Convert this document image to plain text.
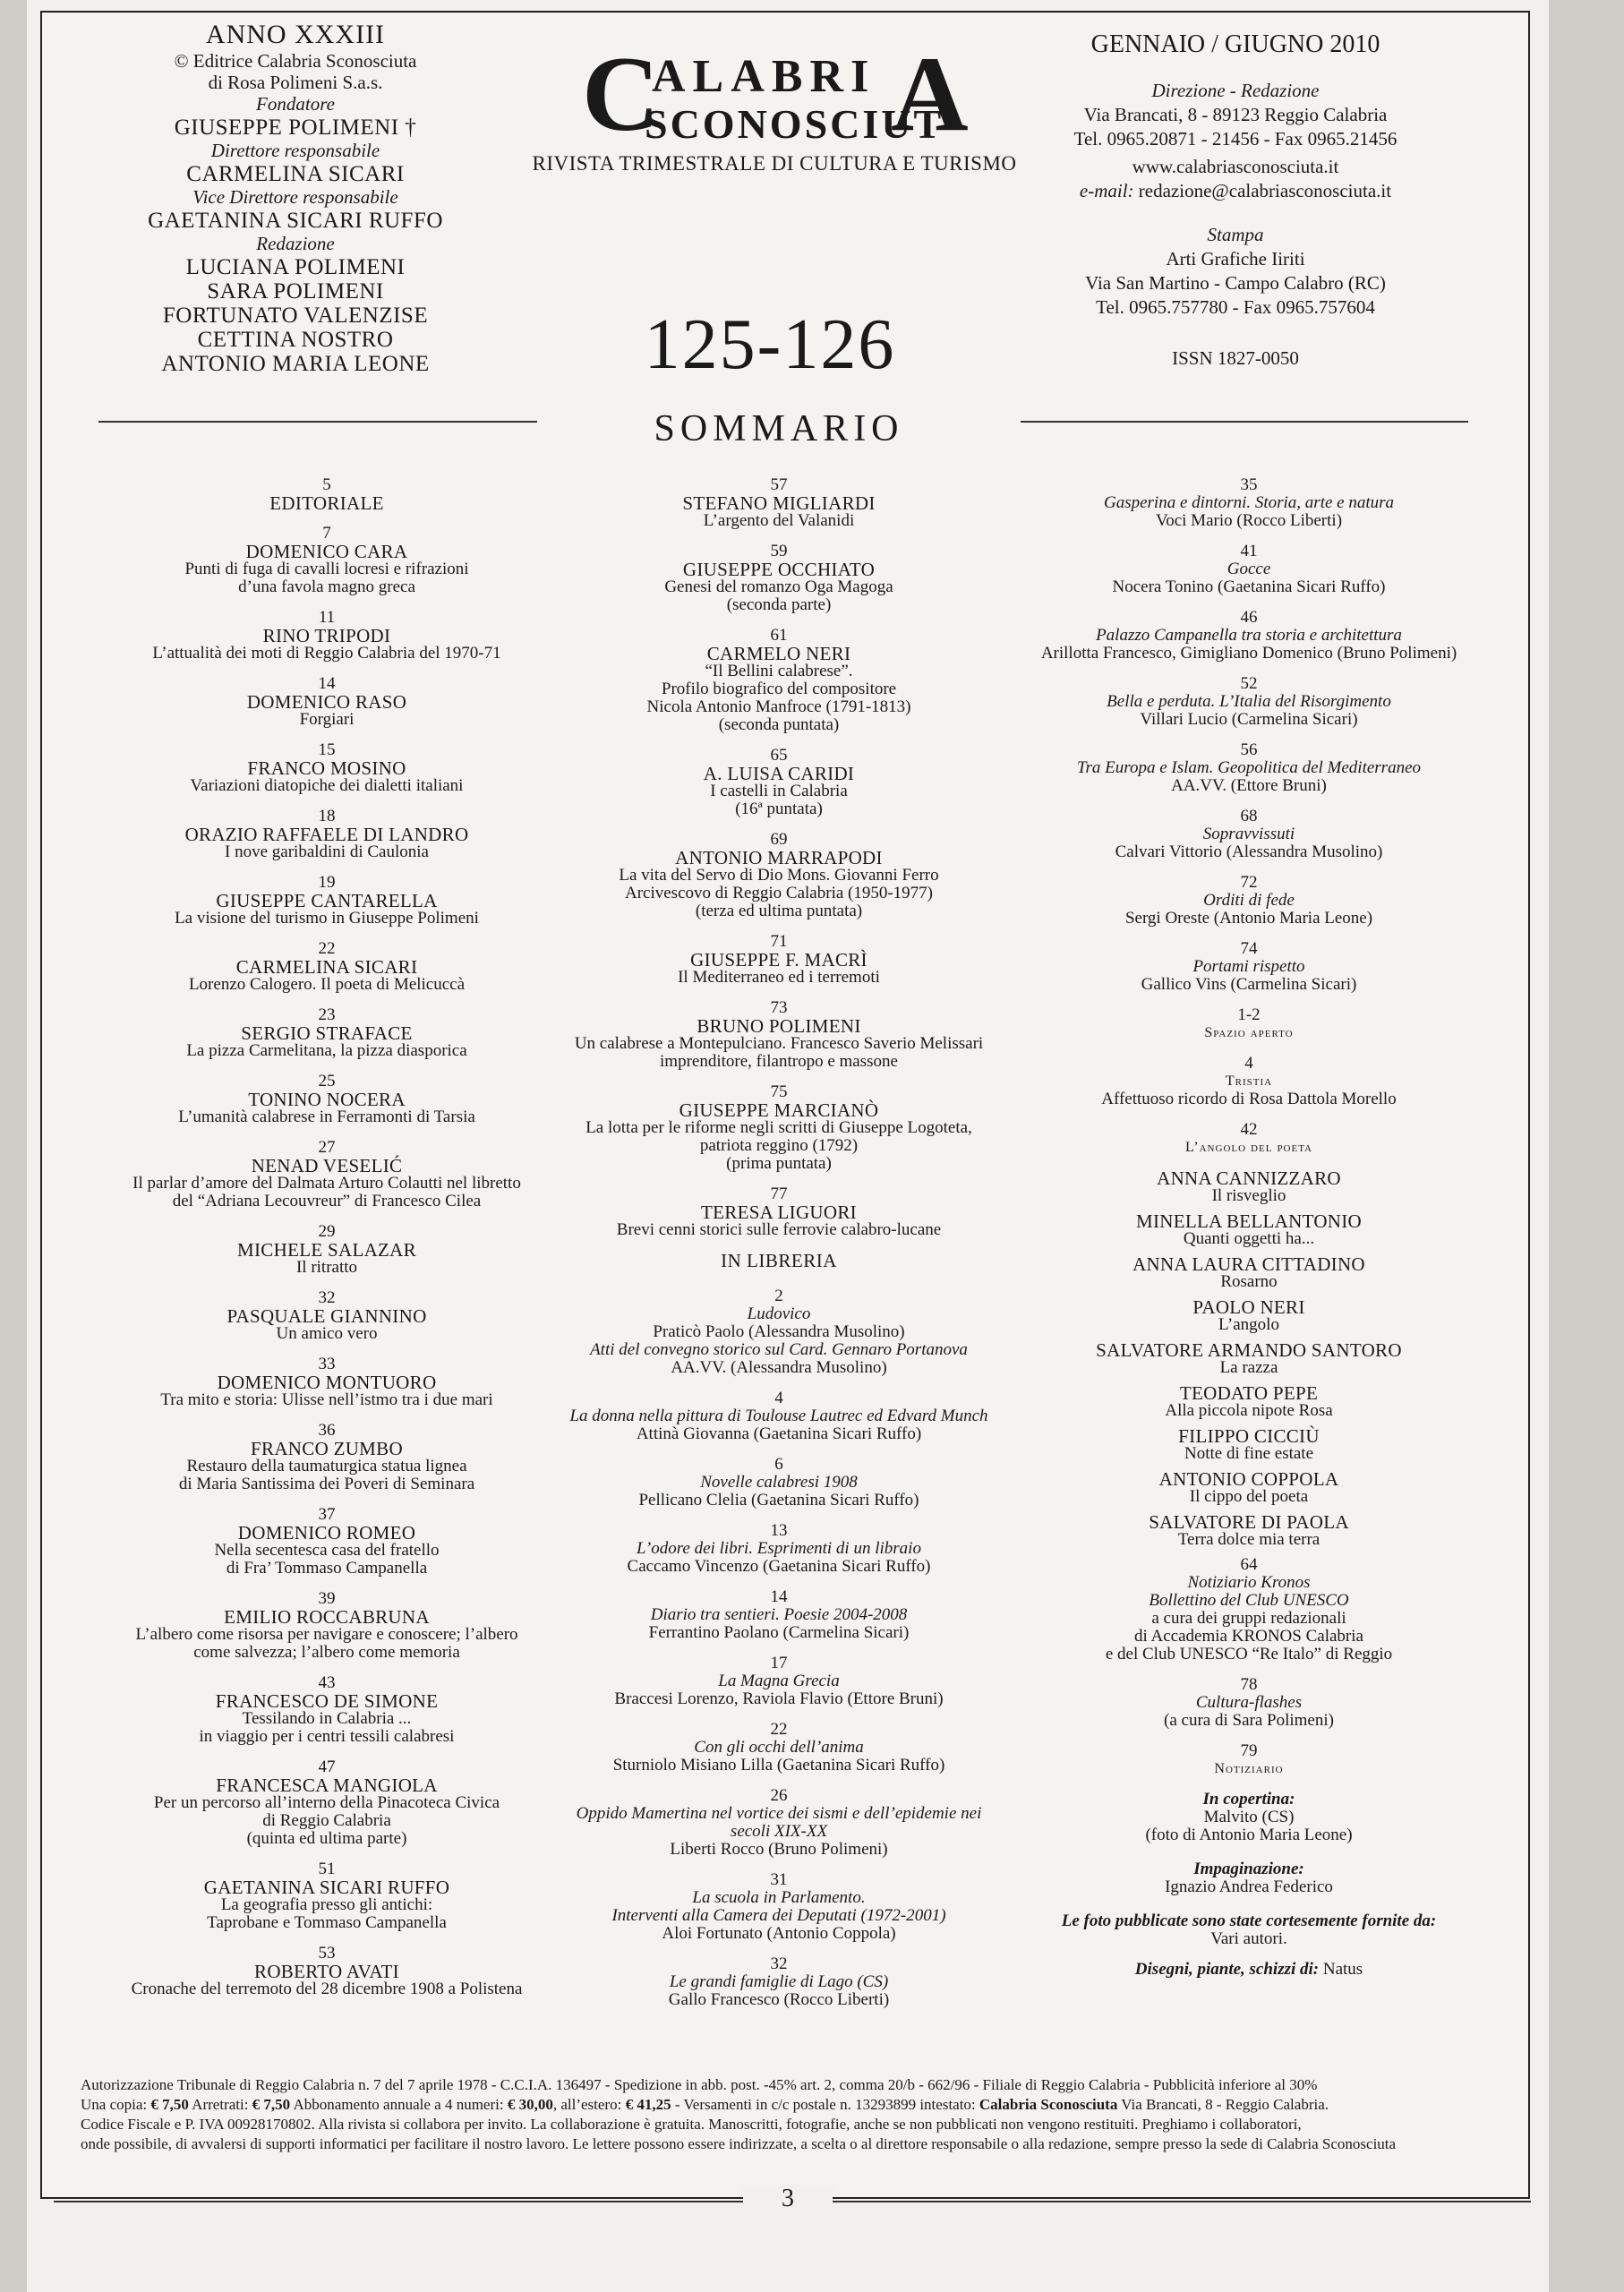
ANNO XXXIII
© Editrice Calabria Sconosciuta
di Rosa Polimeni S.a.s.
Fondatore
GIUSEPPE POLIMENI †
Direttore responsabile
CARMELINA SICARI
Vice Direttore responsabile
GAETANINA SICARI RUFFO
Redazione
LUCIANA POLIMENI
SARA POLIMENI
FORTUNATO VALENZISE
CETTINA NOSTRO
ANTONIO MARIA LEONE
C
ALABRI
SCONOSCIUT
A
RIVISTA TRIMESTRALE DI CULTURA E TURISMO
125-126
SOMMARIO
GENNAIO / GIUGNO 2010
Direzione - Redazione
Via Brancati, 8 - 89123 Reggio Calabria
Tel. 0965.20871 - 21456 - Fax 0965.21456
www.calabriasconosciuta.it
e-mail: redazione@calabriasconosciuta.it
Stampa
Arti Grafiche Iiriti
Via San Martino - Campo Calabro (RC)
Tel. 0965.757780 - Fax 0965.757604
ISSN 1827-0050
5
EDITORIALE
7
DOMENICO CARA
Punti di fuga di cavalli locresi e rifrazioni
d’una favola magno greca
11
RINO TRIPODI
L’attualità dei moti di Reggio Calabria del 1970-71
14
DOMENICO RASO
Forgiari
15
FRANCO MOSINO
Variazioni diatopiche dei dialetti italiani
18
ORAZIO RAFFAELE DI LANDRO
I nove garibaldini di Caulonia
19
GIUSEPPE CANTARELLA
La visione del turismo in Giuseppe Polimeni
22
CARMELINA SICARI
Lorenzo Calogero. Il poeta di Melicuccà
23
SERGIO STRAFACE
La pizza Carmelitana, la pizza diasporica
25
TONINO NOCERA
L’umanità calabrese in Ferramonti di Tarsia
27
NENAD VESELIĆ
Il parlar d’amore del Dalmata Arturo Colautti nel libretto
del “Adriana Lecouvreur” di Francesco Cilea
29
MICHELE SALAZAR
Il ritratto
32
PASQUALE GIANNINO
Un amico vero
33
DOMENICO MONTUORO
Tra mito e storia: Ulisse nell’istmo tra i due mari
36
FRANCO ZUMBO
Restauro della taumaturgica statua lignea
di Maria Santissima dei Poveri di Seminara
37
DOMENICO ROMEO
Nella secentesca casa del fratello
di Fra’ Tommaso Campanella
39
EMILIO ROCCABRUNA
L’albero come risorsa per navigare e conoscere; l’albero
come salvezza; l’albero come memoria
43
FRANCESCO DE SIMONE
Tessilando in Calabria ...
in viaggio per i centri tessili calabresi
47
FRANCESCA MANGIOLA
Per un percorso all’interno della Pinacoteca Civica
di Reggio Calabria
(quinta ed ultima parte)
51
GAETANINA SICARI RUFFO
La geografia presso gli antichi:
Taprobane e Tommaso Campanella
53
ROBERTO AVATI
Cronache del terremoto del 28 dicembre 1908 a Polistena
57
STEFANO MIGLIARDI
L’argento del Valanidi
59
GIUSEPPE OCCHIATO
Genesi del romanzo Oga Magoga
(seconda parte)
61
CARMELO NERI
“Il Bellini calabrese”.
Profilo biografico del compositore
Nicola Antonio Manfroce (1791-1813)
(seconda puntata)
65
A. LUISA CARIDI
I castelli in Calabria
(16ª puntata)
69
ANTONIO MARRAPODI
La vita del Servo di Dio Mons. Giovanni Ferro
Arcivescovo di Reggio Calabria (1950-1977)
(terza ed ultima puntata)
71
GIUSEPPE F. MACRÌ
Il Mediterraneo ed i terremoti
73
BRUNO POLIMENI
Un calabrese a Montepulciano. Francesco Saverio Melissari
imprenditore, filantropo e massone
75
GIUSEPPE MARCIANÒ
La lotta per le riforme negli scritti di Giuseppe Logoteta,
patriota reggino (1792)
(prima puntata)
77
TERESA LIGUORI
Brevi cenni storici sulle ferrovie calabro-lucane
IN LIBRERIA
2
Ludovico
Praticò Paolo (Alessandra Musolino)
Atti del convegno storico sul Card. Gennaro Portanova
AA.VV. (Alessandra Musolino)
4
La donna nella pittura di Toulouse Lautrec ed Edvard Munch
Attinà Giovanna (Gaetanina Sicari Ruffo)
6
Novelle calabresi 1908
Pellicano Clelia (Gaetanina Sicari Ruffo)
13
L’odore dei libri. Esprimenti di un libraio
Caccamo Vincenzo (Gaetanina Sicari Ruffo)
14
Diario tra sentieri. Poesie 2004-2008
Ferrantino Paolano (Carmelina Sicari)
17
La Magna Grecia
Braccesi Lorenzo, Raviola Flavio (Ettore Bruni)
22
Con gli occhi dell’anima
Sturniolo Misiano Lilla (Gaetanina Sicari Ruffo)
26
Oppido Mamertina nel vortice dei sismi e dell’epidemie nei
secoli XIX-XX
Liberti Rocco (Bruno Polimeni)
31
La scuola in Parlamento.
Interventi alla Camera dei Deputati (1972-2001)
Aloi Fortunato (Antonio Coppola)
32
Le grandi famiglie di Lago (CS)
Gallo Francesco (Rocco Liberti)
35
Gasperina e dintorni. Storia, arte e natura
Voci Mario (Rocco Liberti)
41
Gocce
Nocera Tonino (Gaetanina Sicari Ruffo)
46
Palazzo Campanella tra storia e architettura
Arillotta Francesco, Gimigliano Domenico (Bruno Polimeni)
52
Bella e perduta. L’Italia del Risorgimento
Villari Lucio (Carmelina Sicari)
56
Tra Europa e Islam. Geopolitica del Mediterraneo
AA.VV. (Ettore Bruni)
68
Sopravvissuti
Calvari Vittorio (Alessandra Musolino)
72
Orditi di fede
Sergi Oreste (Antonio Maria Leone)
74
Portami rispetto
Gallico Vins (Carmelina Sicari)
1-2
Spazio aperto
4
Tristia
Affettuoso ricordo di Rosa Dattola Morello
42
L’angolo del poeta
ANNA CANNIZZARO
Il risveglio
MINELLA BELLANTONIO
Quanti oggetti ha...
ANNA LAURA CITTADINO
Rosarno
PAOLO NERI
L’angolo
SALVATORE ARMANDO SANTORO
La razza
TEODATO PEPE
Alla piccola nipote Rosa
FILIPPO CICCIÙ
Notte di fine estate
ANTONIO COPPOLA
Il cippo del poeta
SALVATORE DI PAOLA
Terra dolce mia terra
64
Notiziario Kronos
Bollettino del Club UNESCO
a cura dei gruppi redazionali
di Accademia KRONOS Calabria
e del Club UNESCO “Re Italo” di Reggio
78
Cultura-flashes
(a cura di Sara Polimeni)
79
Notiziario
In copertina:
Malvito (CS)
(foto di Antonio Maria Leone)
Impaginazione:
Ignazio Andrea Federico
Le foto pubblicate sono state cortesemente fornite da:
Vari autori.
Disegni, piante, schizzi di: Natus
Autorizzazione Tribunale di Reggio Calabria n. 7 del 7 aprile 1978 - C.C.I.A. 136497 - Spedizione in abb. post. -45% art. 2, comma 20/b - 662/96 - Filiale di Reggio Calabria - Pubblicità inferiore al 30%
Una copia: € 7,50 Arretrati: € 7,50 Abbonamento annuale a 4 numeri: € 30,00, all’estero: € 41,25 - Versamenti in c/c postale n. 13293899 intestato: Calabria Sconosciuta Via Brancati, 8 - Reggio Calabria.
Codice Fiscale e P. IVA 00928170802. Alla rivista si collabora per invito. La collaborazione è gratuita. Manoscritti, fotografie, anche se non pubblicati non vengono restituiti. Preghiamo i collaboratori,
onde possibile, di avvalersi di supporti informatici per facilitare il nostro lavoro. Le lettere possono essere indirizzate, a scelta o al direttore responsabile o alla redazione, sempre presso la sede di Calabria Sconosciuta
3
